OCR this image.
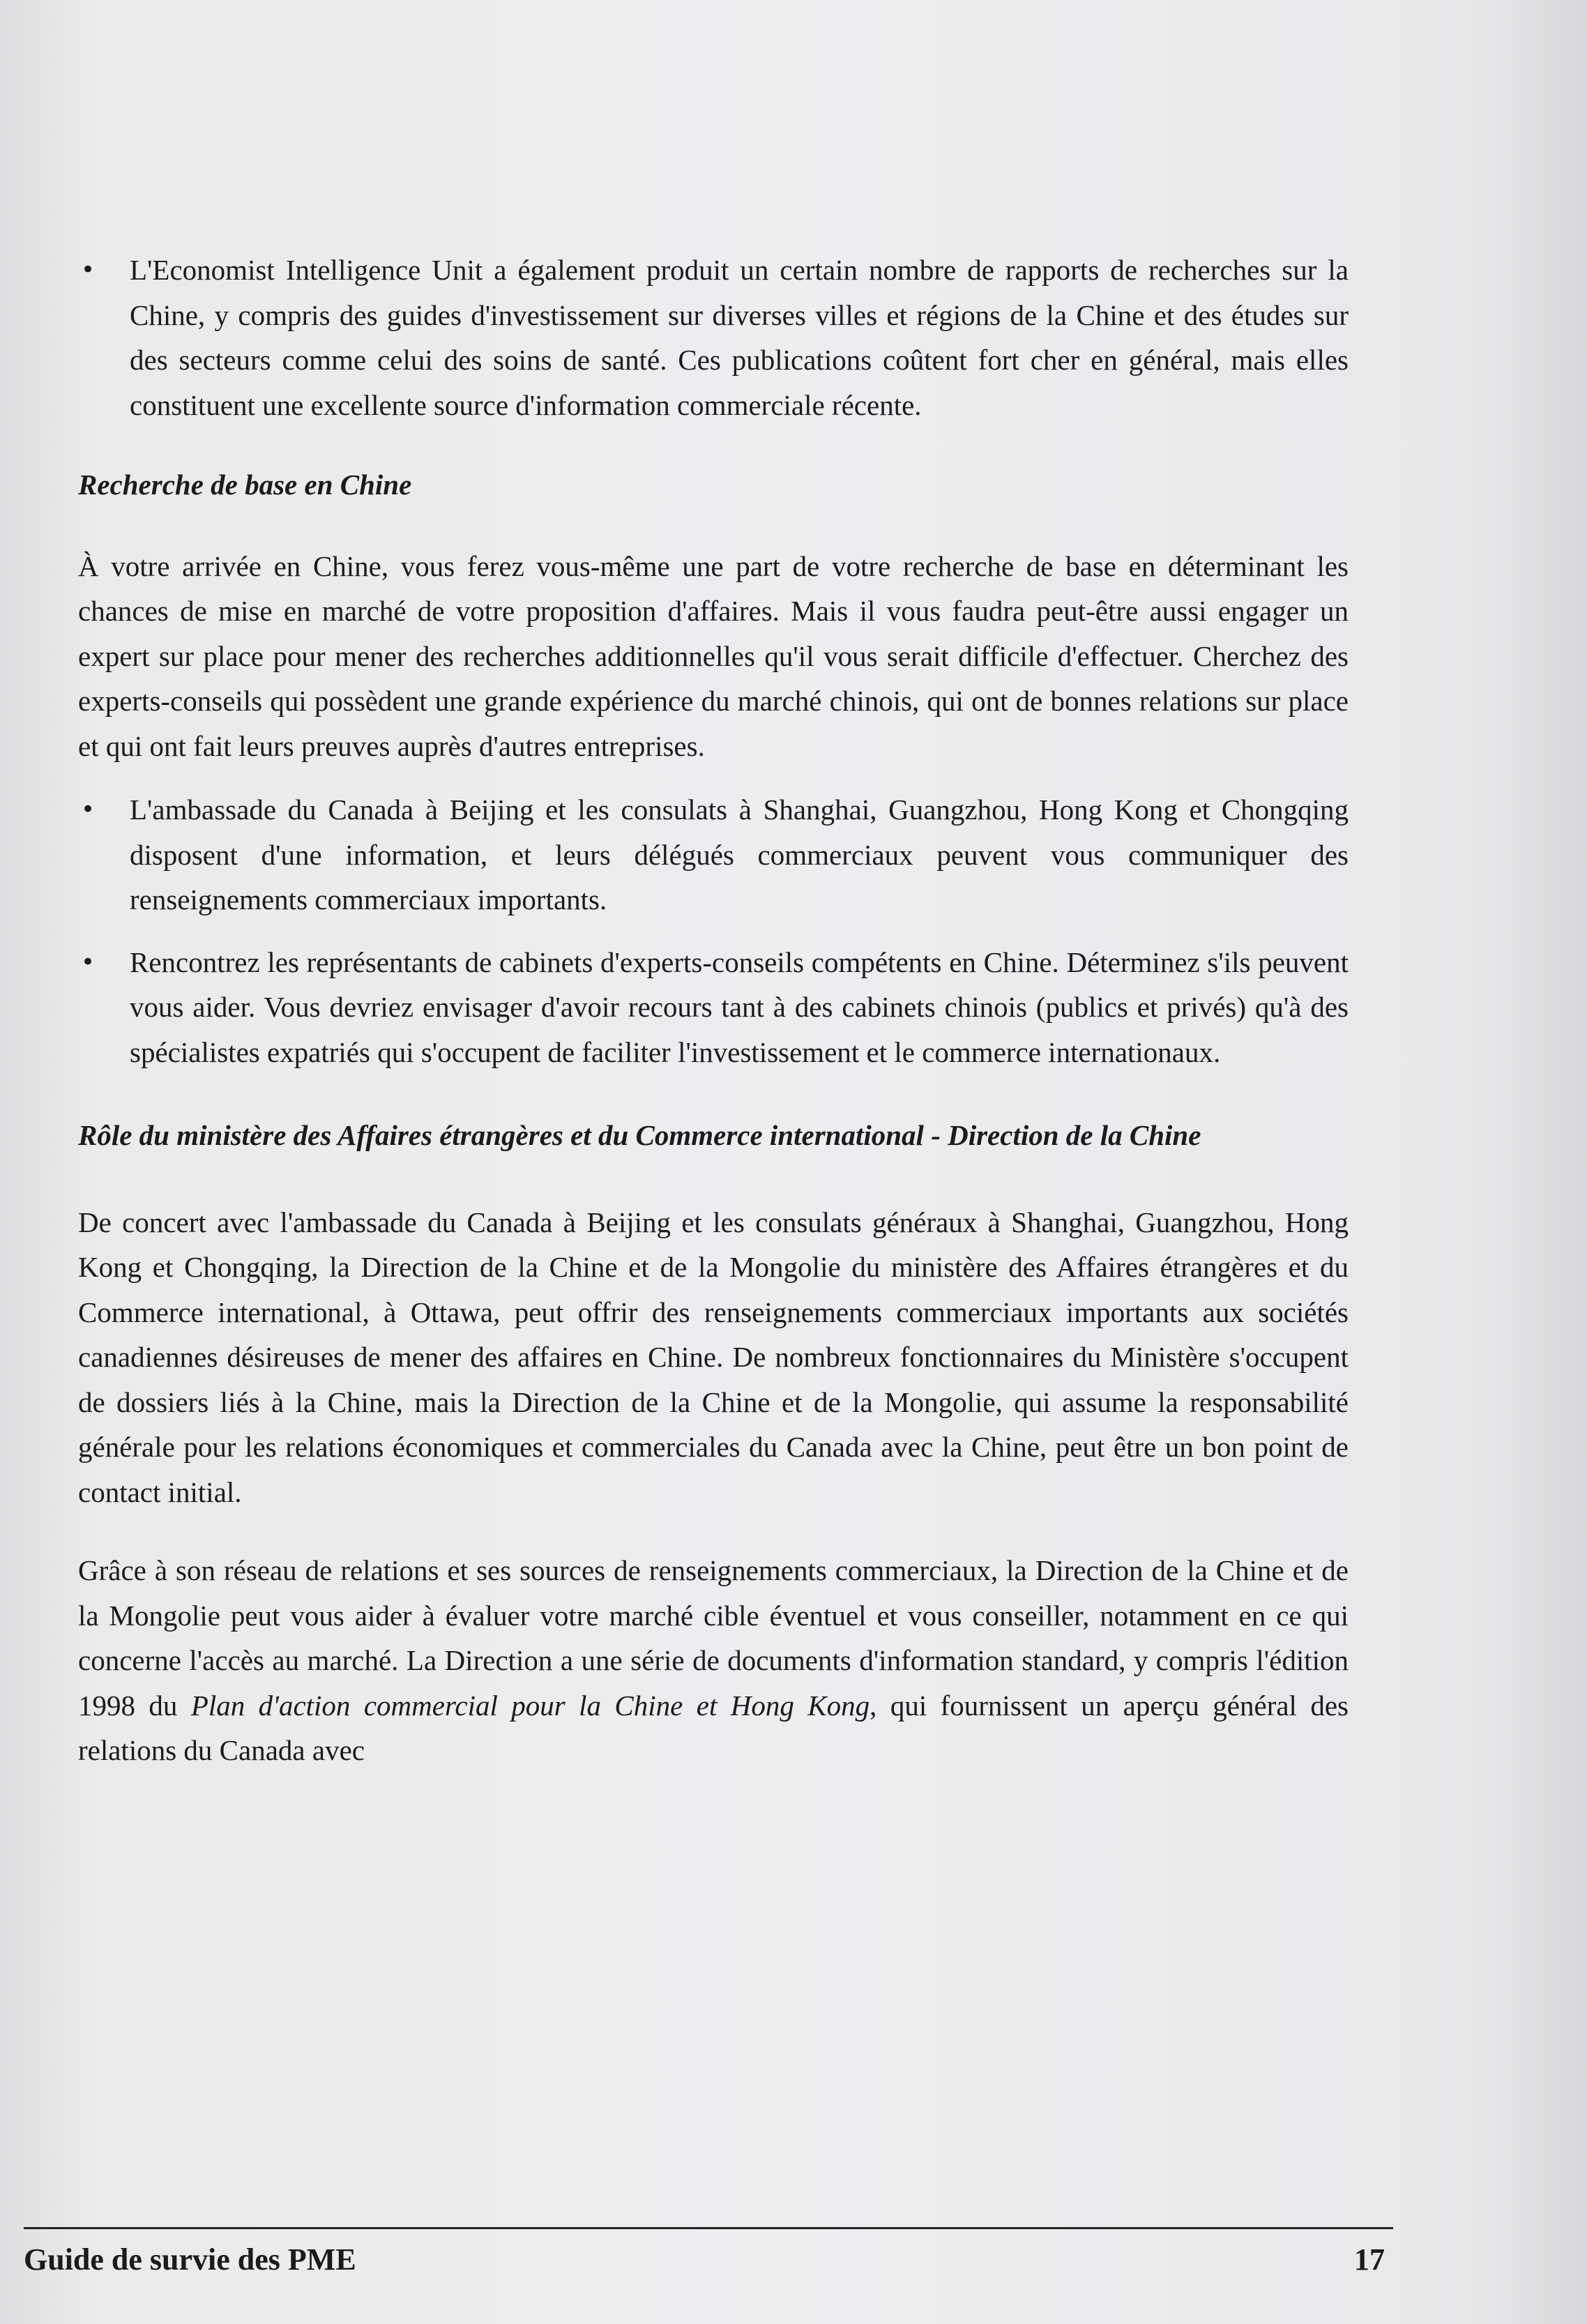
• L'Economist Intelligence Unit a également produit un certain nombre de rapports de recherches sur la Chine, y compris des guides d'investissement sur diverses villes et régions de la Chine et des études sur des secteurs comme celui des soins de santé. Ces publications coûtent fort cher en général, mais elles constituent une excellente source d'information commerciale récente.

Recherche de base en Chine

À votre arrivée en Chine, vous ferez vous-même une part de votre recherche de base en déterminant les chances de mise en marché de votre proposition d'affaires. Mais il vous faudra peut-être aussi engager un expert sur place pour mener des recherches additionnelles qu'il vous serait difficile d'effectuer. Cherchez des experts-conseils qui possèdent une grande expérience du marché chinois, qui ont de bonnes relations sur place et qui ont fait leurs preuves auprès d'autres entreprises.

• L'ambassade du Canada à Beijing et les consulats à Shanghai, Guangzhou, Hong Kong et Chongqing disposent d'une information, et leurs délégués commerciaux peuvent vous communiquer des renseignements commerciaux importants.

• Rencontrez les représentants de cabinets d'experts-conseils compétents en Chine. Déterminez s'ils peuvent vous aider. Vous devriez envisager d'avoir recours tant à des cabinets chinois (publics et privés) qu'à des spécialistes expatriés qui s'occupent de faciliter l'investissement et le commerce internationaux.

Rôle du ministère des Affaires étrangères et du Commerce international - Direction de la Chine

De concert avec l'ambassade du Canada à Beijing et les consulats généraux à Shanghai, Guangzhou, Hong Kong et Chongqing, la Direction de la Chine et de la Mongolie du ministère des Affaires étrangères et du Commerce international, à Ottawa, peut offrir des renseignements commerciaux importants aux sociétés canadiennes désireuses de mener des affaires en Chine. De nombreux fonctionnaires du Ministère s'occupent de dossiers liés à la Chine, mais la Direction de la Chine et de la Mongolie, qui assume la responsabilité générale pour les relations économiques et commerciales du Canada avec la Chine, peut être un bon point de contact initial.

Grâce à son réseau de relations et ses sources de renseignements commerciaux, la Direction de la Chine et de la Mongolie peut vous aider à évaluer votre marché cible éventuel et vous conseiller, notamment en ce qui concerne l'accès au marché. La Direction a une série de documents d'information standard, y compris l'édition 1998 du Plan d'action commercial pour la Chine et Hong Kong, qui fournissent un aperçu général des relations du Canada avec

Guide de survie des PME	17
